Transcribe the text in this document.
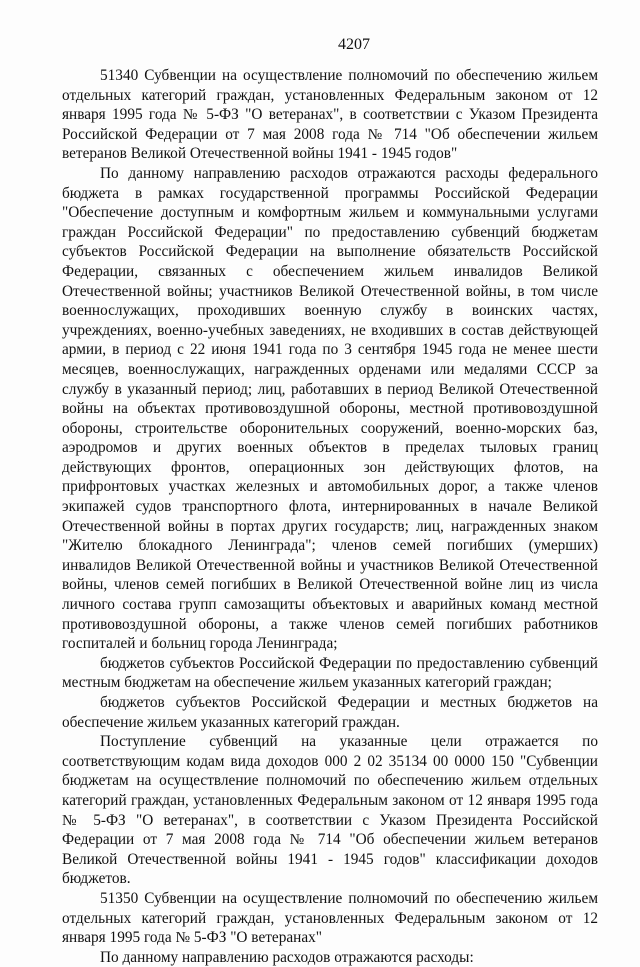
4207

51340 Субвенции на осуществление полномочий по обеспечению жильем отдельных категорий граждан, установленных Федеральным законом от 12 января 1995 года № 5-ФЗ "О ветеранах", в соответствии с Указом Президента Российской Федерации от 7 мая 2008 года № 714 "Об обеспечении жильем ветеранов Великой Отечественной войны 1941 - 1945 годов"

По данному направлению расходов отражаются расходы федерального бюджета в рамках государственной программы Российской Федерации "Обеспечение доступным и комфортным жильем и коммунальными услугами граждан Российской Федерации" по предоставлению субвенций бюджетам субъектов Российской Федерации на выполнение обязательств Российской Федерации, связанных с обеспечением жильем инвалидов Великой Отечественной войны; участников Великой Отечественной войны, в том числе военнослужащих, проходивших военную службу в воинских частях, учреждениях, военно-учебных заведениях, не входивших в состав действующей армии, в период с 22 июня 1941 года по 3 сентября 1945 года не менее шести месяцев, военнослужащих, награжденных орденами или медалями СССР за службу в указанный период; лиц, работавших в период Великой Отечественной войны на объектах противовоздушной обороны, местной противовоздушной обороны, строительстве оборонительных сооружений, военно-морских баз, аэродромов и других военных объектов в пределах тыловых границ действующих фронтов, операционных зон действующих флотов, на прифронтовых участках железных и автомобильных дорог, а также членов экипажей судов транспортного флота, интернированных в начале Великой Отечественной войны в портах других государств; лиц, награжденных знаком "Жителю блокадного Ленинграда"; членов семей погибших (умерших) инвалидов Великой Отечественной войны и участников Великой Отечественной войны, членов семей погибших в Великой Отечественной войне лиц из числа личного состава групп самозащиты объектовых и аварийных команд местной противовоздушной обороны, а также членов семей погибших работников госпиталей и больниц города Ленинграда;

бюджетов субъектов Российской Федерации по предоставлению субвенций местным бюджетам на обеспечение жильем указанных категорий граждан;

бюджетов субъектов Российской Федерации и местных бюджетов на обеспечение жильем указанных категорий граждан.

Поступление субвенций на указанные цели отражается по соответствующим кодам вида доходов 000 2 02 35134 00 0000 150 "Субвенции бюджетам на осуществление полномочий по обеспечению жильем отдельных категорий граждан, установленных Федеральным законом от 12 января 1995 года № 5-ФЗ "О ветеранах", в соответствии с Указом Президента Российской Федерации от 7 мая 2008 года № 714 "Об обеспечении жильем ветеранов Великой Отечественной войны 1941 - 1945 годов" классификации доходов бюджетов.

51350 Субвенции на осуществление полномочий по обеспечению жильем отдельных категорий граждан, установленных Федеральным законом от 12 января 1995 года № 5-ФЗ "О ветеранах"

По данному направлению расходов отражаются расходы:
